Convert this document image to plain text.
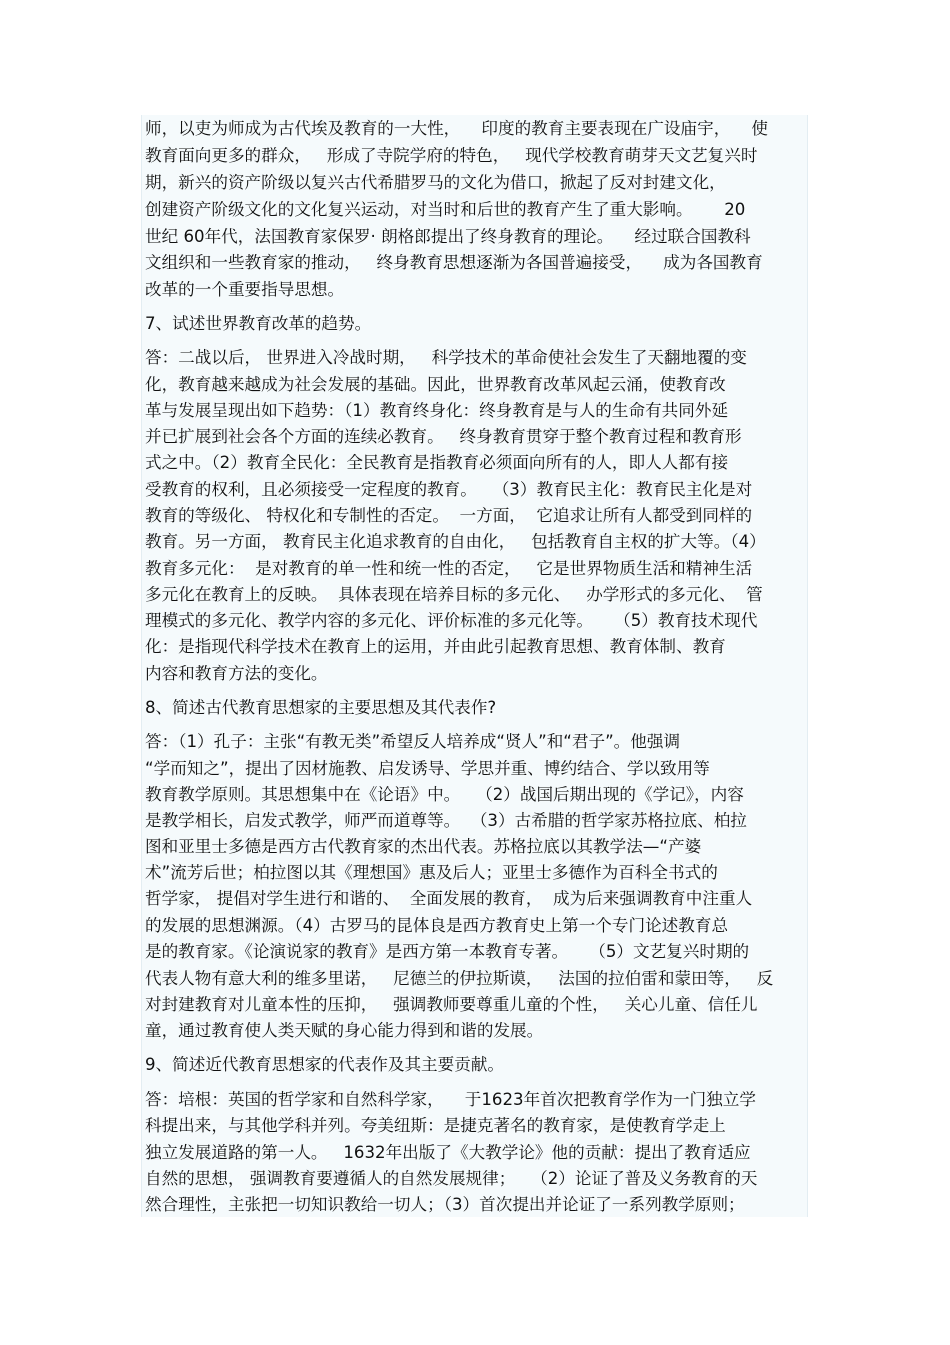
师，以吏为师成为古代埃及教育的一大性，    印度的教育主要表现在广设庙宇，    使
教育面向更多的群众，   形成了寺院学府的特色，   现代学校教育萌芽天文艺复兴时
期，新兴的资产阶级以复兴古代希腊罗马的文化为借口，掀起了反对封建文化，
创建资产阶级文化的文化复兴运动，对当时和后世的教育产生了重大影响。      20
世纪 60年代，法国教育家保罗· 朗格郎提出了终身教育的理论。    经过联合国教科
文组织和一些教育家的推动，   终身教育思想逐渐为各国普遍接受，    成为各国教育
改革的一个重要指导思想。
7、试述世界教育改革的趋势。
答：二战以后， 世界进入冷战时期，   科学技术的革命使社会发生了天翻地覆的变
化，教育越来越成为社会发展的基础。因此，世界教育改革风起云涌，使教育改
革与发展呈现出如下趋势：（1）教育终身化：终身教育是与人的生命有共同外延
并已扩展到社会各个方面的连续必教育。   终身教育贯穿于整个教育过程和教育形
式之中。（2）教育全民化：全民教育是指教育必须面向所有的人，即人人都有接
受教育的权利，且必须接受一定程度的教育。   （3）教育民主化：教育民主化是对
教育的等级化、 特权化和专制性的否定。  一方面，  它追求让所有人都受到同样的
教育。另一方面， 教育民主化追求教育的自由化，   包括教育自主权的扩大等。（4）
教育多元化：  是对教育的单一性和统一性的否定，   它是世界物质生活和精神生活
多元化在教育上的反映。  具体表现在培养目标的多元化、   办学形式的多元化、  管
理模式的多元化、教学内容的多元化、评价标准的多元化等。    （5）教育技术现代
化：是指现代科学技术在教育上的运用，并由此引起教育思想、教育体制、教育
内容和教育方法的变化。
8、简述古代教育思想家的主要思想及其代表作?
答：（1）孔子：主张“有教无类”希望反人培养成“贤人”和“君子”。他强调
“学而知之”，提出了因材施教、启发诱导、学思并重、博约结合、学以致用等
教育教学原则。其思想集中在《论语》中。   （2）战国后期出现的《学记》，内容
是教学相长，启发式教学，师严而道尊等。  （3）古希腊的哲学家苏格拉底、柏拉
图和亚里士多德是西方古代教育家的杰出代表。苏格拉底以其教学法—“产婆
术”流芳后世；柏拉图以其《理想国》惠及后人；亚里士多德作为百科全书式的
哲学家， 提倡对学生进行和谐的、  全面发展的教育，  成为后来强调教育中注重人
的发展的思想渊源。（4）古罗马的昆体良是西方教育史上第一个专门论述教育总
是的教育家。《论演说家的教育》是西方第一本教育专著。    （5）文艺复兴时期的
代表人物有意大利的维多里诺，   尼德兰的伊拉斯谟，   法国的拉伯雷和蒙田等，   反
对封建教育对儿童本性的压抑，   强调教师要尊重儿童的个性，   关心儿童、信任儿
童，通过教育使人类天赋的身心能力得到和谐的发展。
9、简述近代教育思想家的代表作及其主要贡献。
答：培根：英国的哲学家和自然科学家，    于1623年首次把教育学作为一门独立学
科提出来，与其他学科并列。夸美纽斯：是捷克著名的教育家，是使教育学走上
独立发展道路的第一人。   1632年出版了《大教学论》他的贡献：提出了教育适应
自然的思想， 强调教育要遵循人的自然发展规律；   （2）论证了普及义务教育的天
然合理性，主张把一切知识教给一切人；（3）首次提出并论证了一系列教学原则；
